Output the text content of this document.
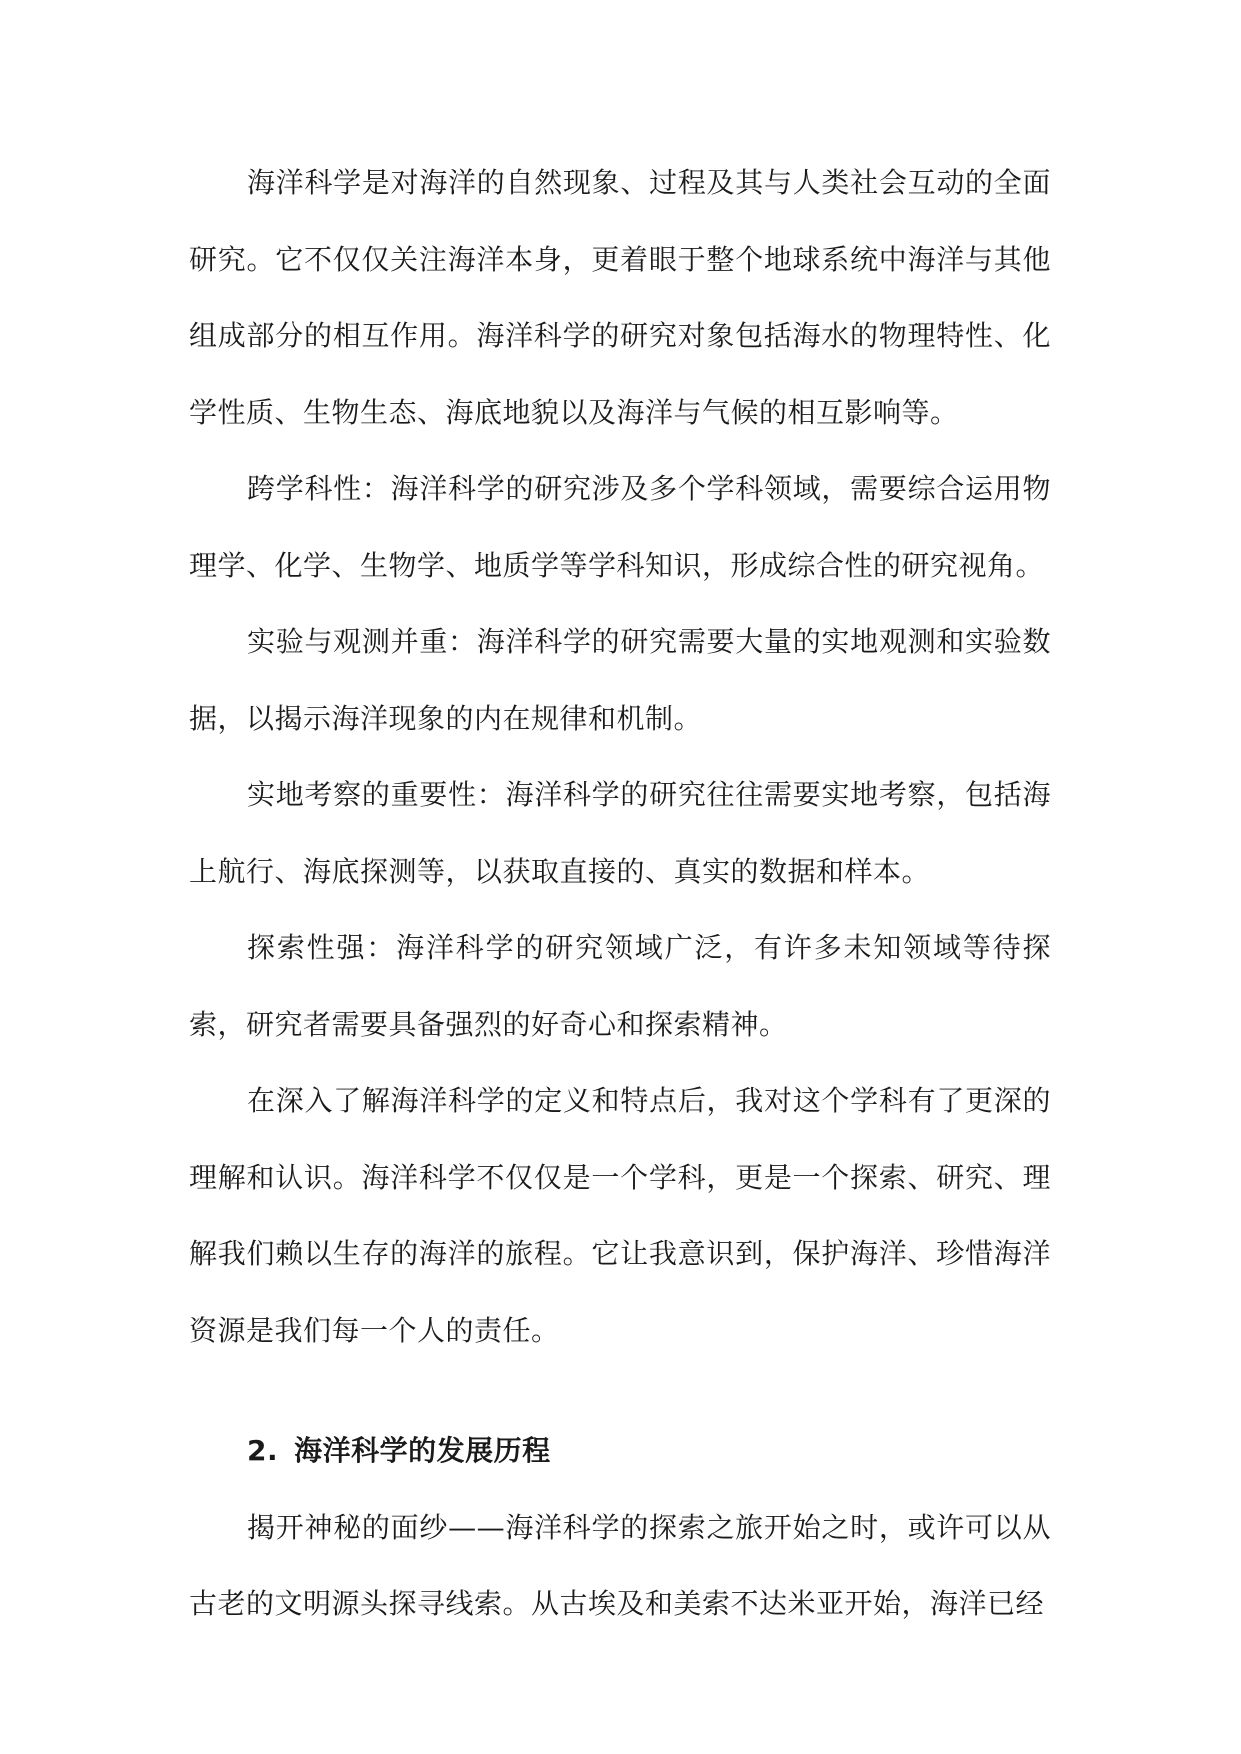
海洋科学是对海洋的自然现象、过程及其与人类社会互动的全面研究。它不仅仅关注海洋本身，更着眼于整个地球系统中海洋与其他组成部分的相互作用。海洋科学的研究对象包括海水的物理特性、化学性质、生物生态、海底地貌以及海洋与气候的相互影响等。

跨学科性：海洋科学的研究涉及多个学科领域，需要综合运用物理学、化学、生物学、地质学等学科知识，形成综合性的研究视角。

实验与观测并重：海洋科学的研究需要大量的实地观测和实验数据，以揭示海洋现象的内在规律和机制。

实地考察的重要性：海洋科学的研究往往需要实地考察，包括海上航行、海底探测等，以获取直接的、真实的数据和样本。

探索性强：海洋科学的研究领域广泛，有许多未知领域等待探索，研究者需要具备强烈的好奇心和探索精神。

在深入了解海洋科学的定义和特点后，我对这个学科有了更深的理解和认识。海洋科学不仅仅是一个学科，更是一个探索、研究、理解我们赖以生存的海洋的旅程。它让我意识到，保护海洋、珍惜海洋资源是我们每一个人的责任。

2. 海洋科学的发展历程

揭开神秘的面纱——海洋科学的探索之旅开始之时，或许可以从古老的文明源头探寻线索。从古埃及和美索不达米亚开始，海洋已经
